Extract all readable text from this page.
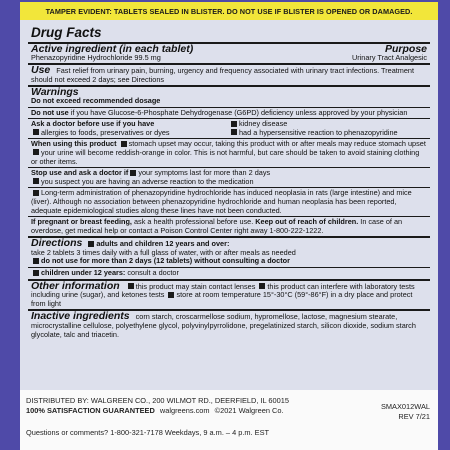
TAMPER EVIDENT: TABLETS SEALED IN BLISTER. DO NOT USE IF BLISTER IS OPENED OR DAMAGED.
Drug Facts
Active ingredient (in each tablet)	Purpose
Phenazopyridine Hydrochloride 99.5 mg	Urinary Tract Analgesic
Use Fast relief from urinary pain, burning, urgency and frequency associated with urinary tract infections. Treatment should not exceed 2 days; see Directions
Warnings
Do not exceed recommended dosage
Do not use if you have Glucose-6-Phosphate Dehydrogenase (G6PD) deficiency unless approved by your physician
Ask a doctor before use if you have
allergies to foods, preservatives or dyes
kidney disease
had a hypersensitive reaction to phenazopyridine
When using this product stomach upset may occur, taking this product with or after meals may reduce stomach upset your urine will become reddish-orange in color. This is not harmful, but care should be taken to avoid staining clothing or other items.
Stop use and ask a doctor if your symptoms last for more than 2 days
you suspect you are having an adverse reaction to the medication
Long-term administration of phenazopyridine hydrochloride has induced neoplasia in rats (large intestine) and mice (liver). Although no association between phenazopyridine hydrochloride and human neoplasia has been reported, adequate epidemiological studies along these lines have not been conducted.
If pregnant or breast feeding, ask a health professional before use. Keep out of reach of children. In case of an overdose, get medical help or contact a Poison Control Center right away 1-800-222-1222.
Directions adults and children 12 years and over:
take 2 tablets 3 times daily with a full glass of water, with or after meals as needed
do not use for more than 2 days (12 tablets) without consulting a doctor
children under 12 years: consult a doctor
Other information this product may stain contact lenses this product can interfere with laboratory tests including urine (sugar), and ketones tests store at room temperature 15°-30°C (59°-86°F) in a dry place and protect from light
Inactive ingredients corn starch, croscarmellose sodium, hypromellose, lactose, magnesium stearate, microcrystalline cellulose, polyethylene glycol, polyvinylpyrrolidone, pregelatinized starch, silicon dioxide, sodium starch glycolate, talc and triacetin.
DISTRIBUTED BY: WALGREEN CO., 200 WILMOT RD., DEERFIELD, IL 60015
100% SATISFACTION GUARANTEED walgreens.com ©2021 Walgreen Co.	SMAX012WAL
REV 7/21
Questions or comments? 1-800-321-7178 Weekdays, 9 a.m. – 4 p.m. EST
